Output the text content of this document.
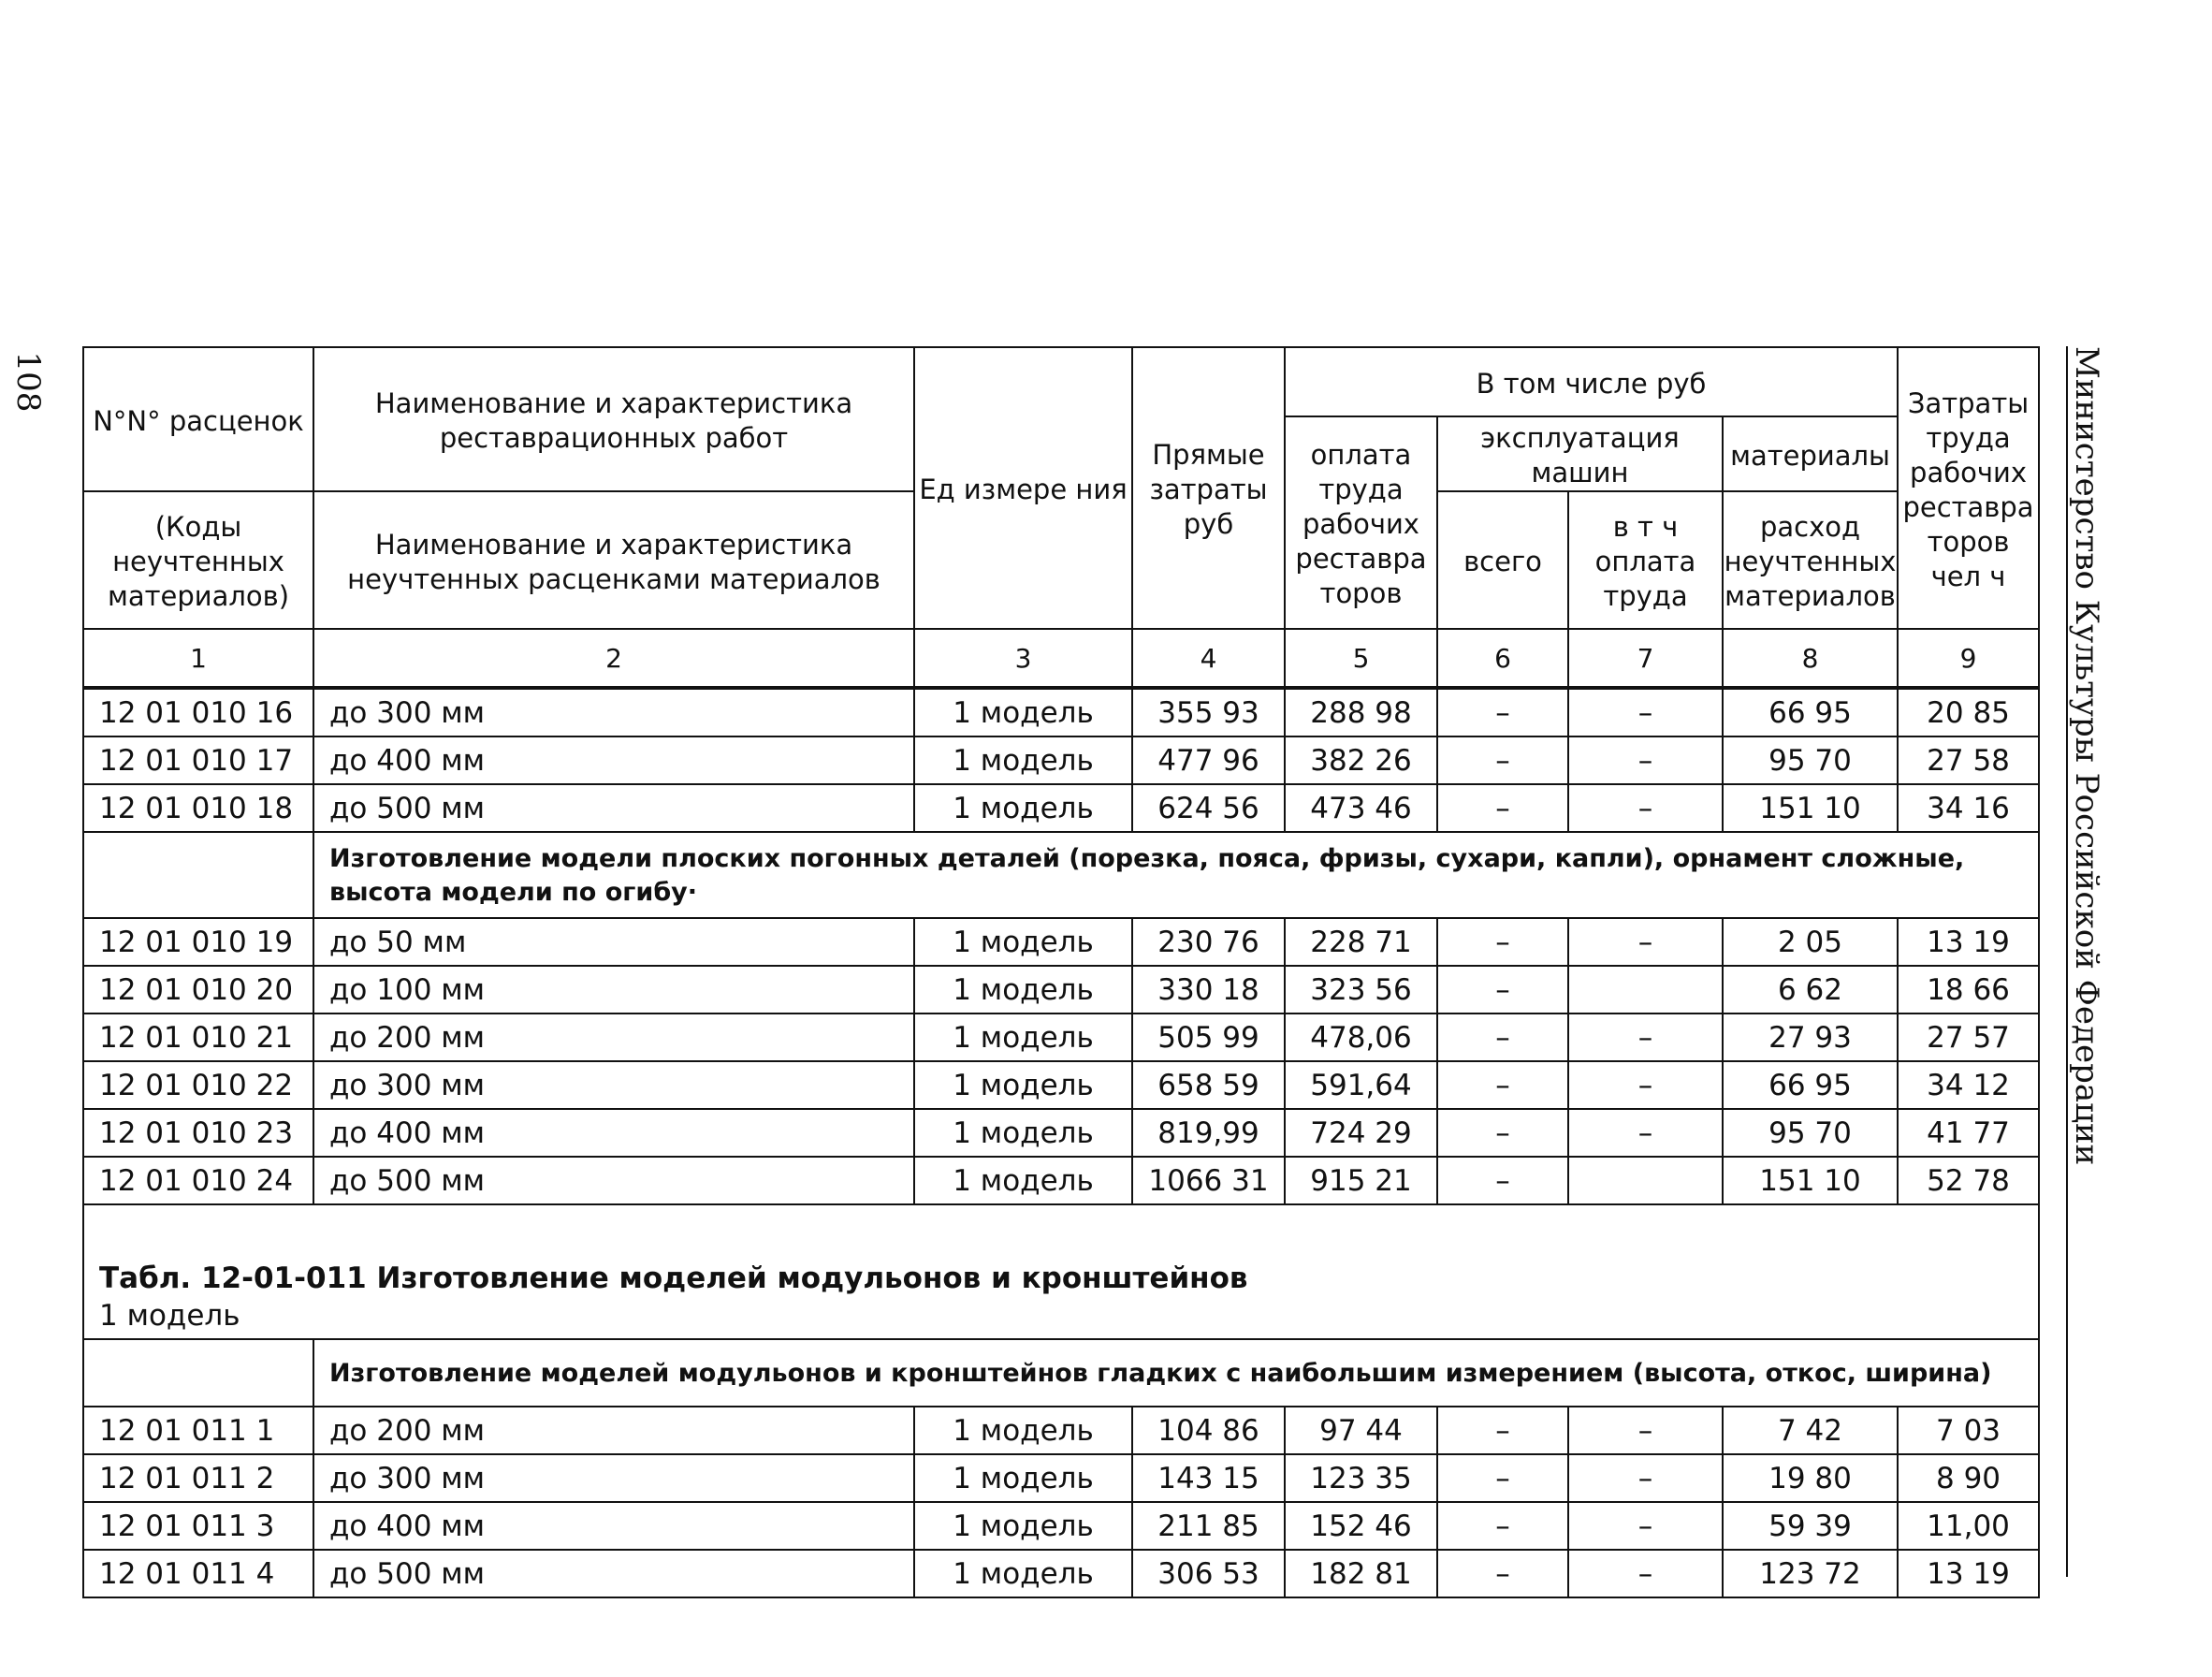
108	Министерство Культуры Российской Федерации
N°N° расценок	Наименование и характеристика реставрационных работ	Ед измере ния	Прямые затраты руб	В том числе руб				Затраты труда рабочих реставра торов чел ч
				оплата труда рабочих реставра торов	эксплуатация машин		материалы	
(Коды неучтенных материалов)	Наименование и характеристика неучтенных расценками материалов				всего	в т ч оплата труда	расход неучтенных материалов	

1	2	3	4	5	6	7	8	9
12 01 010 16	до 300 мм	1 модель	355 93	288 98	–	–	66 95	20 85
12 01 010 17	до 400 мм	1 модель	477 96	382 26	–	–	95 70	27 58
12 01 010 18	до 500 мм	1 модель	624 56	473 46	–	–	151 10	34 16
	Изготовление модели плоских погонных деталей (порезка, пояса, фризы, сухари, капли), орнамент сложные, высота модели по огибу·							
12 01 010 19	до 50 мм	1 модель	230 76	228 71	–	–	2 05	13 19
12 01 010 20	до 100 мм	1 модель	330 18	323 56	–		6 62	18 66
12 01 010 21	до 200 мм	1 модель	505 99	478,06	–	–	27 93	27 57
12 01 010 22	до 300 мм	1 модель	658 59	591,64	–	–	66 95	34 12
12 01 010 23	до 400 мм	1 модель	819,99	724 29	–	–	95 70	41 77
12 01 010 24	до 500 мм	1 модель	1066 31	915 21	–		151 10	52 78

Табл. 12-01-011 Изготовление моделей модульонов и кронштейнов
1 модель								

	Изготовление моделей модульонов и кронштейнов гладких с наибольшим измерением (высота, откос, ширина)							
12 01 011 1	до 200 мм	1 модель	104 86	97 44	–	–	7 42	7 03
12 01 011 2	до 300 мм	1 модель	143 15	123 35	–	–	19 80	8 90
12 01 011 3	до 400 мм	1 модель	211 85	152 46	–	–	59 39	11,00
12 01 011 4	до 500 мм	1 модель	306 53	182 81	–	–	123 72	13 19
